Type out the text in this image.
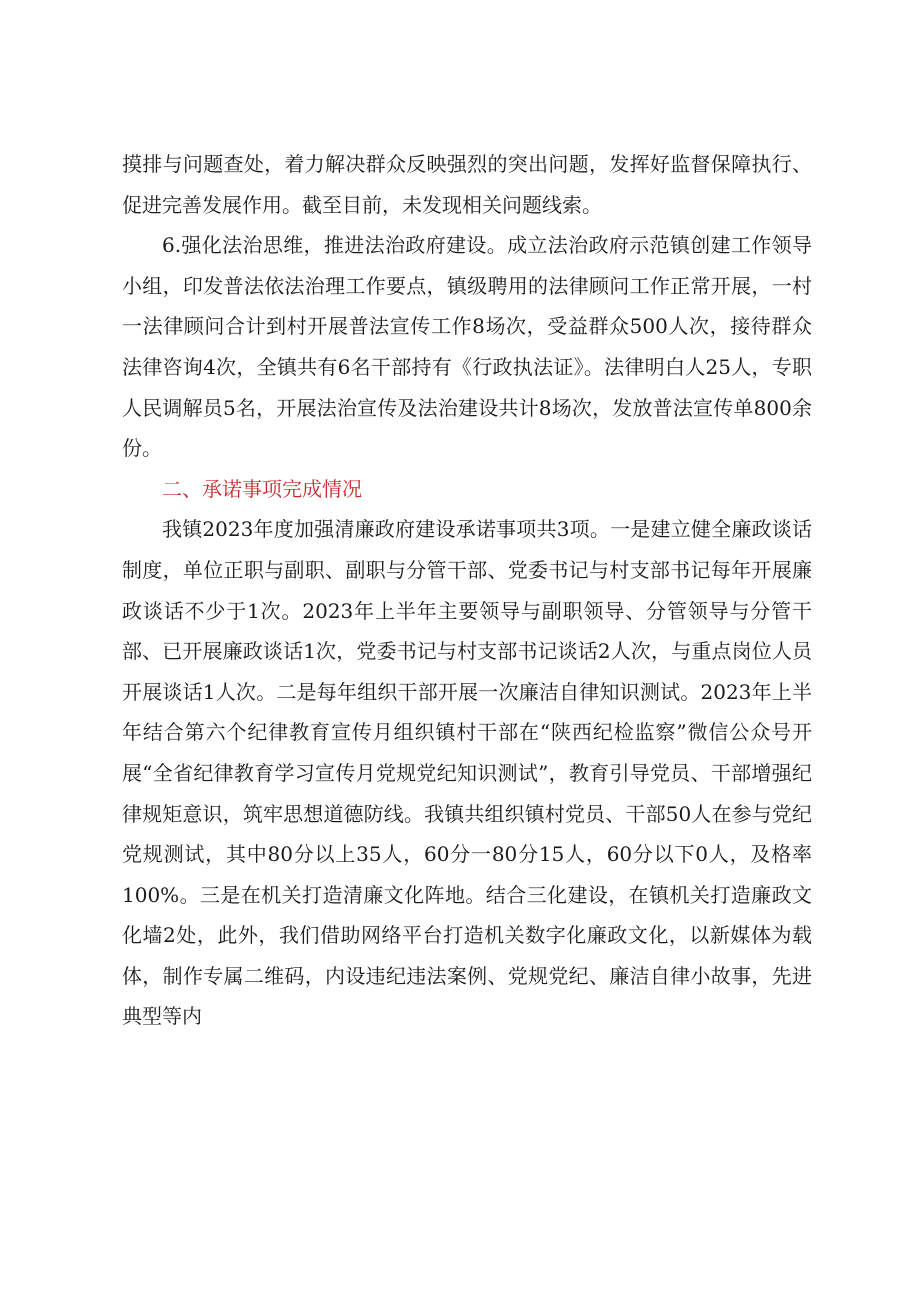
摸排与问题查处，着力解决群众反映强烈的突出问题，发挥好监督保障执行、促进完善发展作用。截至目前，未发现相关问题线索。

6.强化法治思维，推进法治政府建设。成立法治政府示范镇创建工作领导小组，印发普法依法治理工作要点，镇级聘用的法律顾问工作正常开展，一村一法律顾问合计到村开展普法宣传工作8场次，受益群众500人次，接待群众法律咨询4次，全镇共有6名干部持有《行政执法证》。法律明白人25人，专职人民调解员5名，开展法治宣传及法治建设共计8场次，发放普法宣传单800余份。

二、承诺事项完成情况

我镇2023年度加强清廉政府建设承诺事项共3项。一是建立健全廉政谈话制度，单位正职与副职、副职与分管干部、党委书记与村支部书记每年开展廉政谈话不少于1次。2023年上半年主要领导与副职领导、分管领导与分管干部、已开展廉政谈话1次，党委书记与村支部书记谈话2人次，与重点岗位人员开展谈话1人次。二是每年组织干部开展一次廉洁自律知识测试。2023年上半年结合第六个纪律教育宣传月组织镇村干部在“陕西纪检监察”微信公众号开展“全省纪律教育学习宣传月党规党纪知识测试”，教育引导党员、干部增强纪律规矩意识，筑牢思想道德防线。我镇共组织镇村党员、干部50人在参与党纪党规测试，其中80分以上35人，60分一80分15人，60分以下0人，及格率100%。三是在机关打造清廉文化阵地。结合三化建设，在镇机关打造廉政文化墙2处，此外，我们借助网络平台打造机关数字化廉政文化，以新媒体为载体，制作专属二维码，内设违纪违法案例、党规党纪、廉洁自律小故事，先进典型等内
